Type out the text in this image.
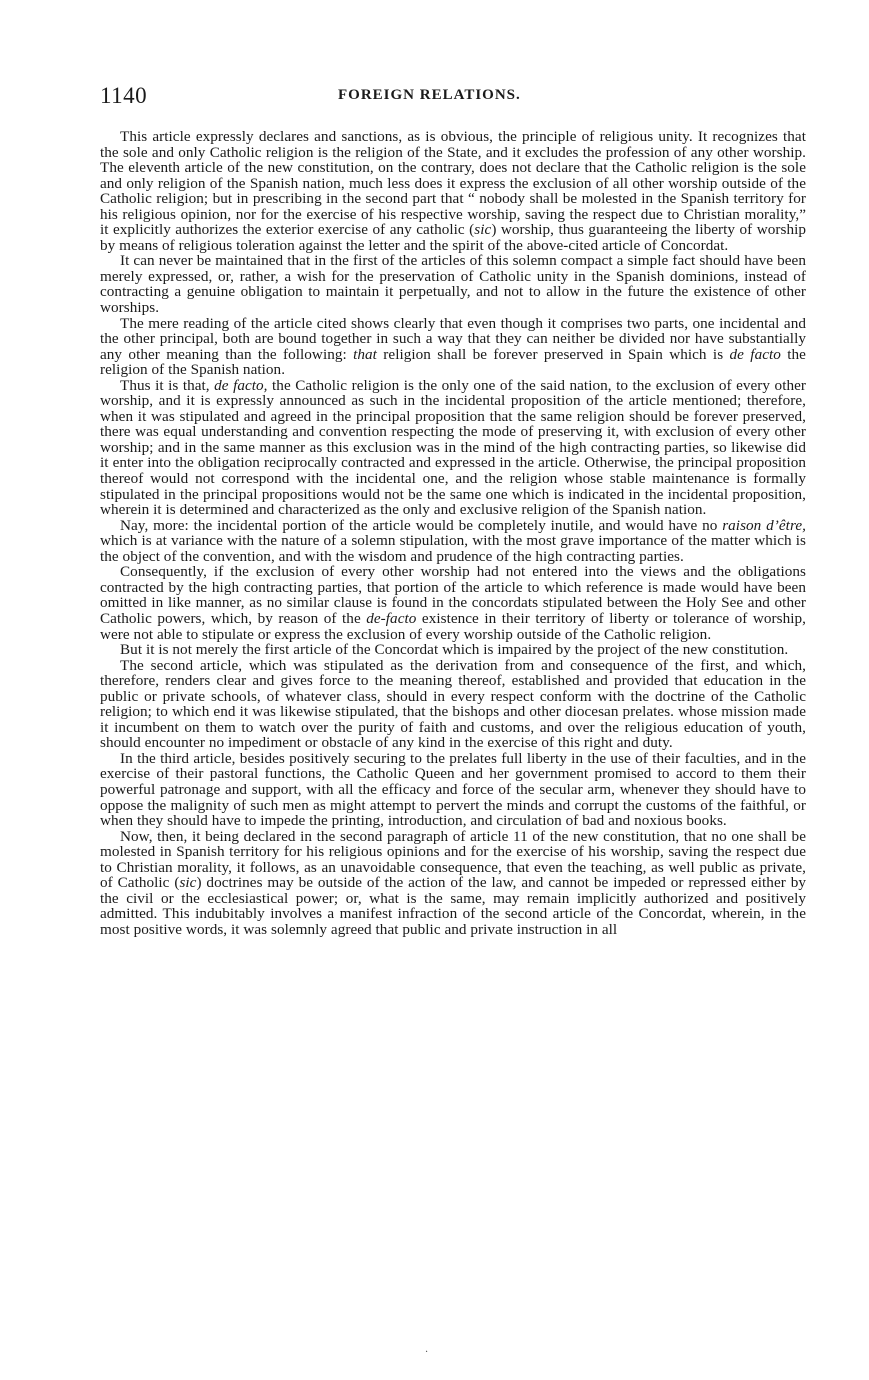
1140	FOREIGN RELATIONS.

This article expressly declares and sanctions, as is obvious, the principle of religious unity. It recognizes that the sole and only Catholic religion is the religion of the State, and it excludes the profession of any other worship. The eleventh article of the new constitution, on the contrary, does not declare that the Catholic religion is the sole and only religion of the Spanish nation, much less does it express the exclusion of all other worship outside of the Catholic religion; but in prescribing in the second part that “ nobody shall be molested in the Spanish territory for his religious opinion, nor for the exercise of his respective worship, saving the respect due to Christian morality,” it explicitly authorizes the exterior exercise of any catholic (sic) worship, thus guaranteeing the liberty of worship by means of religious toleration against the letter and the spirit of the above-cited article of Concordat.

It can never be maintained that in the first of the articles of this solemn compact a simple fact should have been merely expressed, or, rather, a wish for the preservation of Catholic unity in the Spanish dominions, instead of contracting a genuine obligation to maintain it perpetually, and not to allow in the future the existence of other worships.

The mere reading of the article cited shows clearly that even though it comprises two parts, one incidental and the other principal, both are bound together in such a way that they can neither be divided nor have substantially any other meaning than the following: that religion shall be forever preserved in Spain which is de facto the religion of the Spanish nation.

Thus it is that, de facto, the Catholic religion is the only one of the said nation, to the exclusion of every other worship, and it is expressly announced as such in the incidental proposition of the article mentioned; therefore, when it was stipulated and agreed in the principal proposition that the same religion should be forever preserved, there was equal understanding and convention respecting the mode of preserving it, with exclusion of every other worship; and in the same manner as this exclusion was in the mind of the high contracting parties, so likewise did it enter into the obligation reciprocally contracted and expressed in the article. Otherwise, the principal proposition thereof would not correspond with the incidental one, and the religion whose stable maintenance is formally stipulated in the principal propositions would not be the same one which is indicated in the incidental proposition, wherein it is determined and characterized as the only and exclusive religion of the Spanish nation.

Nay, more: the incidental portion of the article would be completely inutile, and would have no raison d’être, which is at variance with the nature of a solemn stipulation, with the most grave importance of the matter which is the object of the convention, and with the wisdom and prudence of the high contracting parties.

Consequently, if the exclusion of every other worship had not entered into the views and the obligations contracted by the high contracting parties, that portion of the article to which reference is made would have been omitted in like manner, as no similar clause is found in the concordats stipulated between the Holy See and other Catholic powers, which, by reason of the de-facto existence in their territory of liberty or tolerance of worship, were not able to stipulate or express the exclusion of every worship outside of the Catholic religion.

But it is not merely the first article of the Concordat which is impaired by the project of the new constitution.

The second article, which was stipulated as the derivation from and consequence of the first, and which, therefore, renders clear and gives force to the meaning thereof, established and provided that education in the public or private schools, of whatever class, should in every respect conform with the doctrine of the Catholic religion; to which end it was likewise stipulated, that the bishops and other diocesan prelates. whose mission made it incumbent on them to watch over the purity of faith and customs, and over the religious education of youth, should encounter no impediment or obstacle of any kind in the exercise of this right and duty.

In the third article, besides positively securing to the prelates full liberty in the use of their faculties, and in the exercise of their pastoral functions, the Catholic Queen and her government promised to accord to them their powerful patronage and support, with all the efficacy and force of the secular arm, whenever they should have to oppose the malignity of such men as might attempt to pervert the minds and corrupt the customs of the faithful, or when they should have to impede the printing, introduction, and circulation of bad and noxious books.

Now, then, it being declared in the second paragraph of article 11 of the new constitution, that no one shall be molested in Spanish territory for his religious opinions and for the exercise of his worship, saving the respect due to Christian morality, it follows, as an unavoidable consequence, that even the teaching, as well public as private, of Catholic (sic) doctrines may be outside of the action of the law, and cannot be impeded or repressed either by the civil or the ecclesiastical power; or, what is the same, may remain implicitly authorized and positively admitted. This indubitably involves a manifest infraction of the second article of the Concordat, wherein, in the most positive words, it was solemnly agreed that public and private instruction in all

·
